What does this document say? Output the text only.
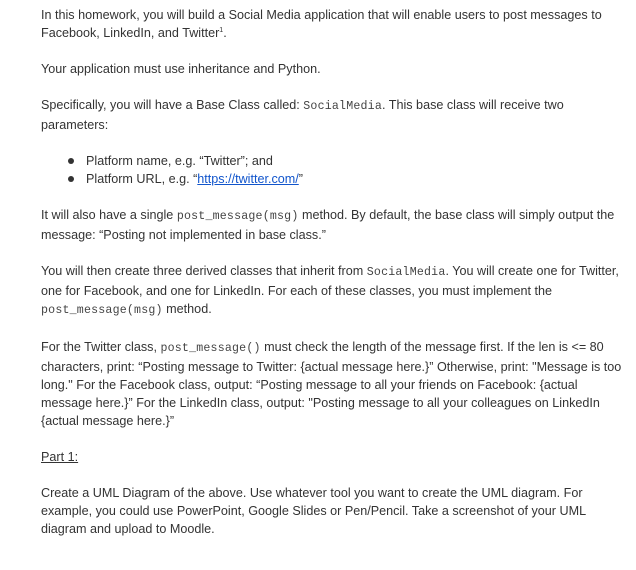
In this homework, you will build a Social Media application that will enable users to post messages to Facebook, LinkedIn, and Twitter$^1$.

Your application must use inheritance and Python.

Specifically, you will have a Base Class called: SocialMedia. This base class will receive two parameters:

Platform name, e.g. “Twitter”; and
Platform URL, e.g. “https://twitter.com/”

It will also have a single post_message(msg) method. By default, the base class will simply output the message: “Posting not implemented in base class.”

You will then create three derived classes that inherit from SocialMedia. You will create one for Twitter, one for Facebook, and one for LinkedIn. For each of these classes, you must implement the post_message(msg) method.

For the Twitter class, post_message() must check the length of the message first. If the len is <= 80 characters, print: “Posting message to Twitter: {actual message here.}” Otherwise, print: "Message is too long." For the Facebook class, output: “Posting message to all your friends on Facebook: {actual message here.}” For the LinkedIn class, output: "Posting message to all your colleagues on LinkedIn {actual message here.}”

Part 1:

Create a UML Diagram of the above. Use whatever tool you want to create the UML diagram. For example, you could use PowerPoint, Google Slides or Pen/Pencil. Take a screenshot of your UML diagram and upload to Moodle.
